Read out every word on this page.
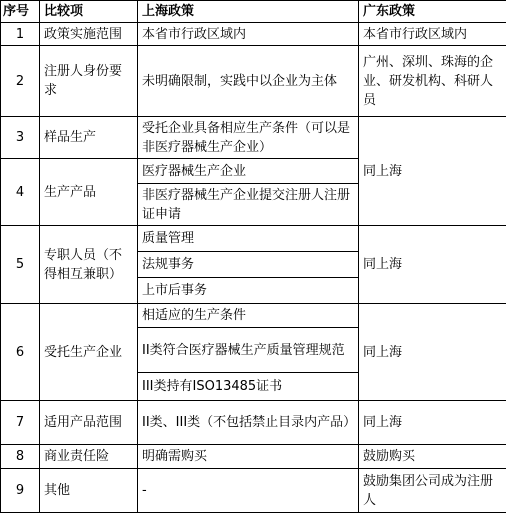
序号	比较项	上海政策	广东政策
1	政策实施范围	本省市行政区域内	本省市行政区域内
2	注册人身份要求	未明确限制，实践中以企业为主体	广州、深圳、珠海的企业、研发机构、科研人员
3	样品生产	受托企业具备相应生产条件（可以是非医疗器械生产企业）	同上海
4	生产产品	医疗器械生产企业	
		非医疗器械生产企业提交注册人注册证申请	
5	专职人员（不得相互兼职）	质量管理	同上海
		法规事务	
		上市后事务	
6	受托生产企业	相适应的生产条件	同上海
		II类符合医疗器械生产质量管理规范	
		III类持有ISO13485证书	
7	适用产品范围	II类、III类（不包括禁止目录内产品）	同上海
8	商业责任险	明确需购买	鼓励购买
9	其他	-	鼓励集团公司成为注册人
